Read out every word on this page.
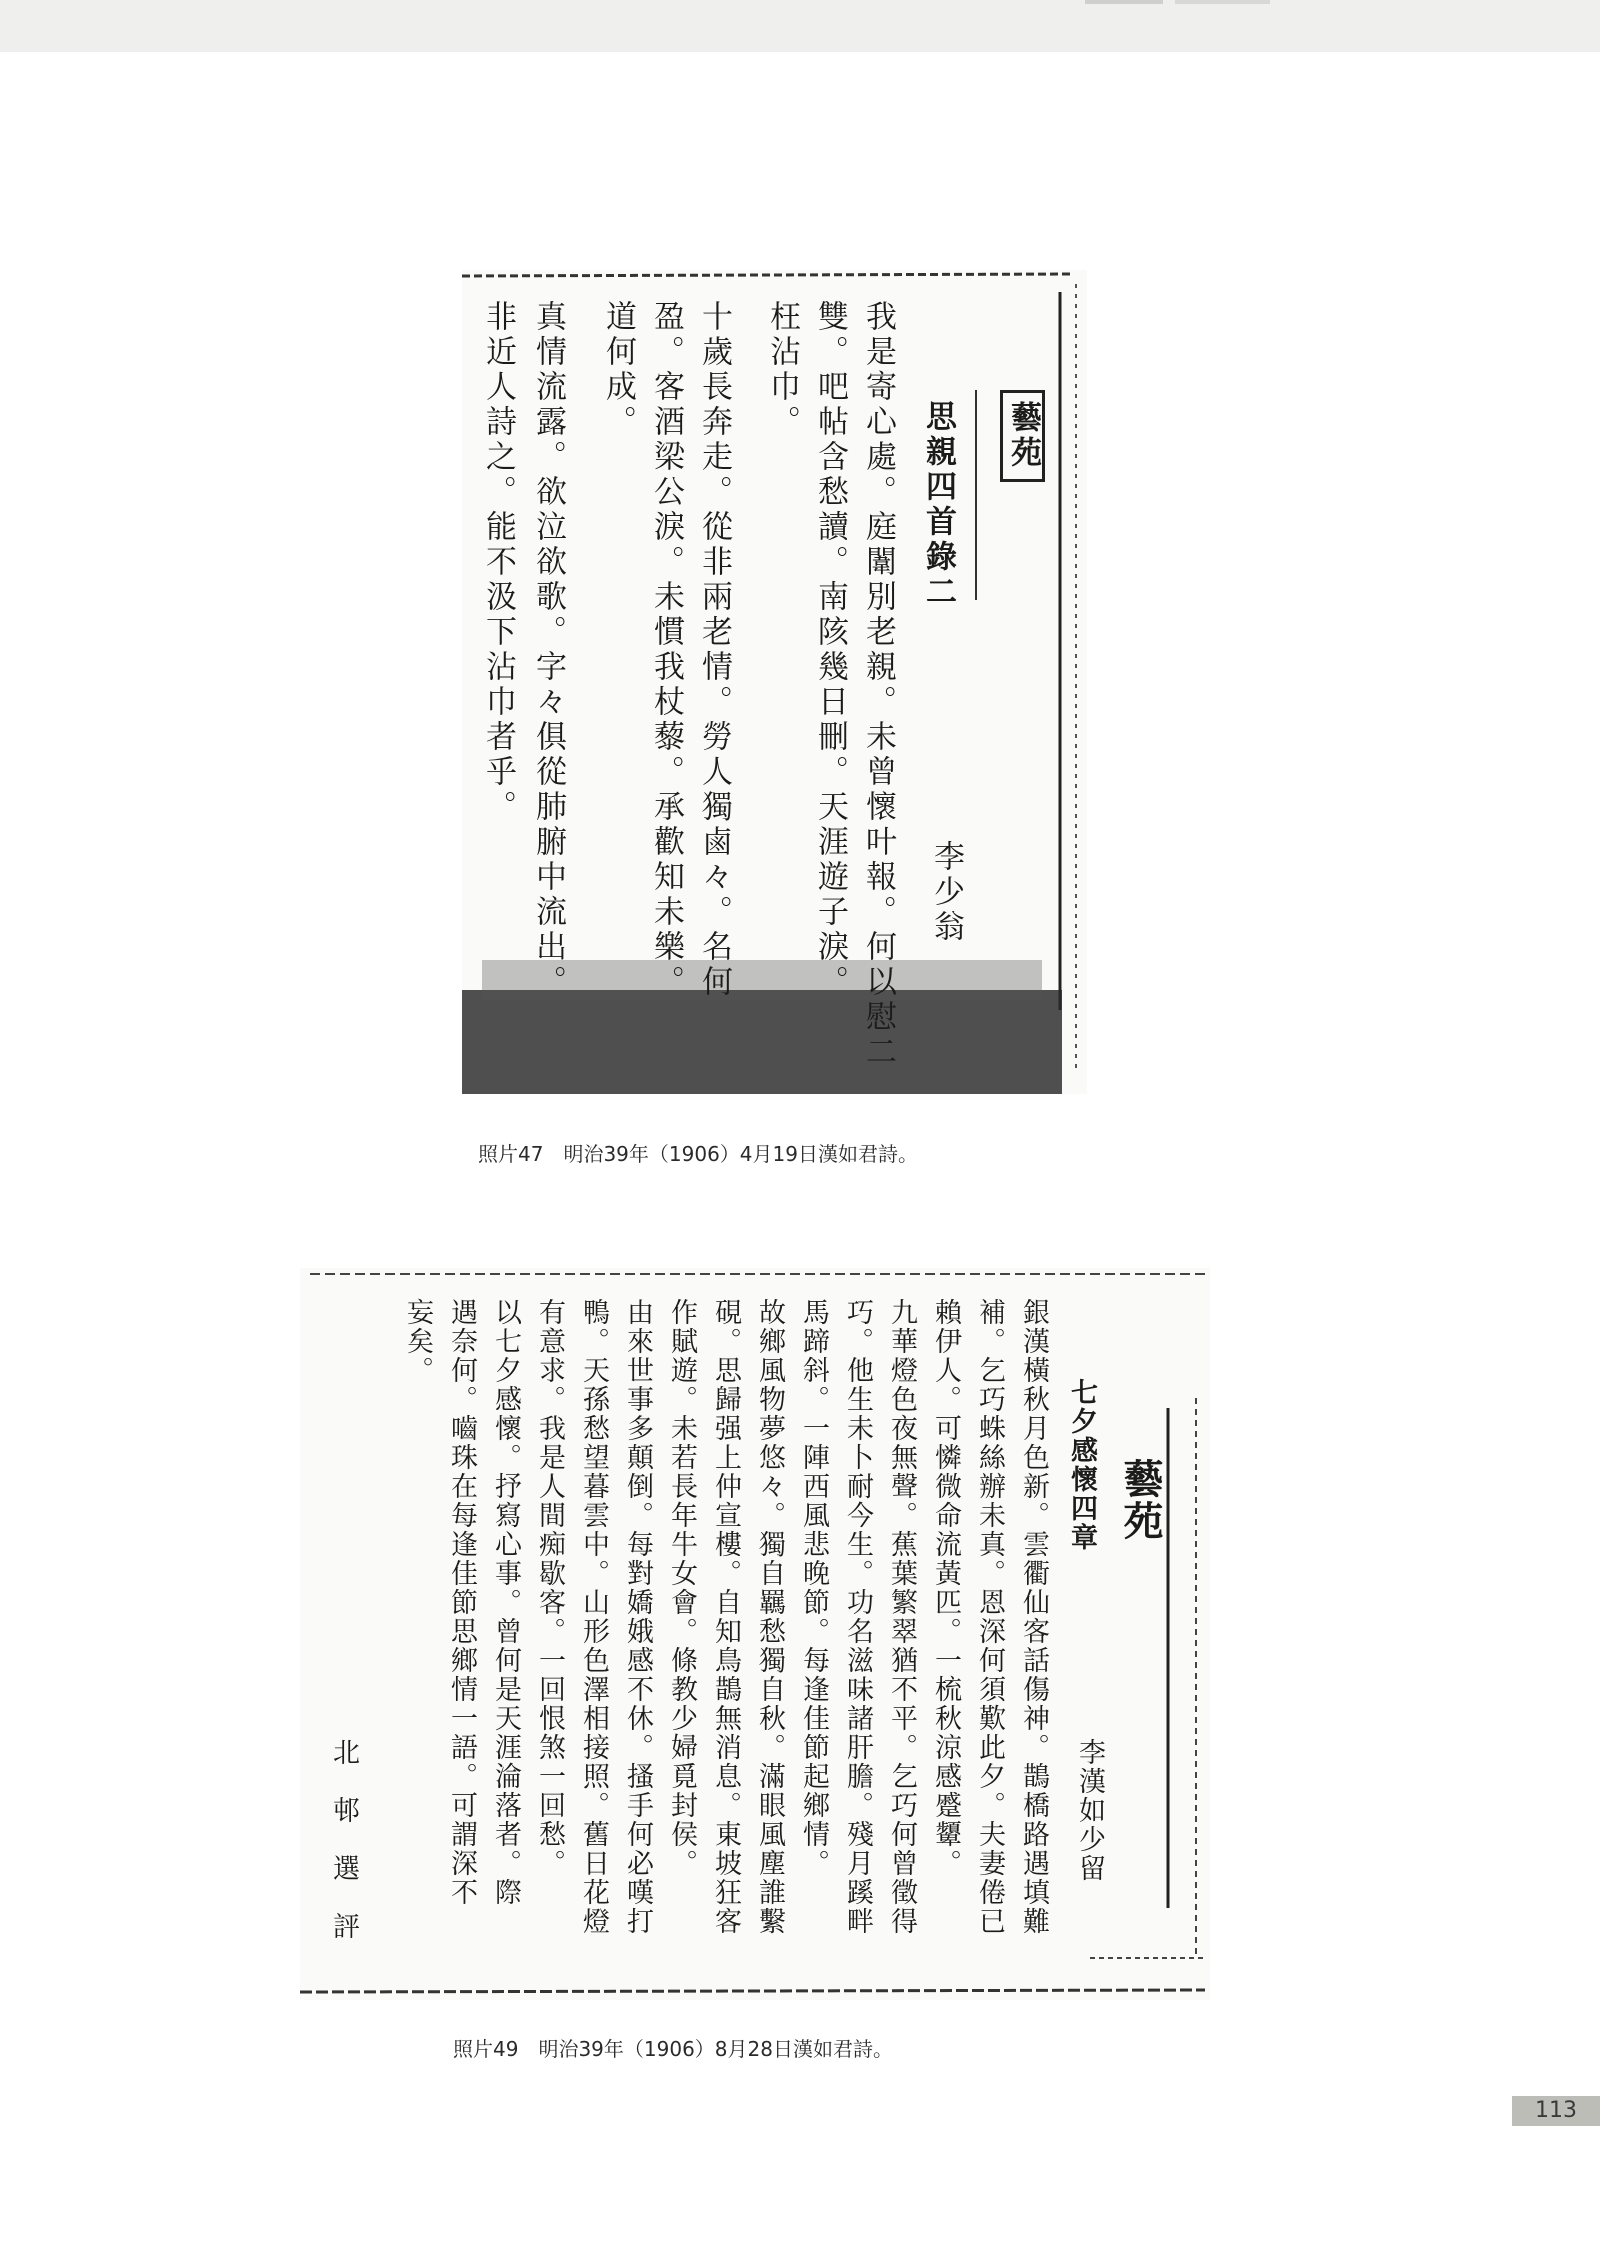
藝苑
思親四首錄二
李少翁
我是寄心處。庭闈別老親。未曾懷叶報。何以慰二
雙。吧帖含愁讀。南陔幾日刪。天涯遊子淚。
枉沾巾。
十歲長奔走。從非兩老情。勞人獨鹵々。名何
盈。客酒梁公淚。未慣我杖藜。承歡知未樂。
道何成。
真情流露。欲泣欲歌。字々俱從肺腑中流出。
非近人詩之。能不汲下沾巾者乎。
照片47　明治39年（1906）4月19日漢如君詩。
藝苑
七夕感懷四章
李漢如少留
銀漢橫秋月色新。雲衢仙客話傷神。鵲橋路遇填難
補。乞巧蛛絲辦未真。恩深何須歎此夕。夫妻倦已
賴伊人。可憐微命流黃匹。一梳秋涼感蹙顰。
九華燈色夜無聲。蕉葉繁翠猶不平。乞巧何曾徵得
巧。他生未卜耐今生。功名滋味諸肝膽。殘月蹊畔
馬蹄斜。一陣西風悲晚節。每逢佳節起鄉情。
故鄉風物夢悠々。獨自羈愁獨自秋。滿眼風塵誰繫
硯。思歸强上仲宣樓。自知鳥鵲無消息。東坡狂客
作賦遊。未若長年牛女會。條教少婦覓封侯。
由來世事多顛倒。每對嬌娥感不休。搔手何必嘆打
鴨。天孫愁望暮雲中。山形色澤相接照。舊日花燈
有意求。我是人間痴歇客。一回恨煞一回愁。
以七夕感懷。抒寫心事。曾何是天涯淪落者。際
遇奈何。嚙珠在每逢佳節思鄉情一語。可謂深不
妄矣。
北　邨　選　評
照片49　明治39年（1906）8月28日漢如君詩。
113
